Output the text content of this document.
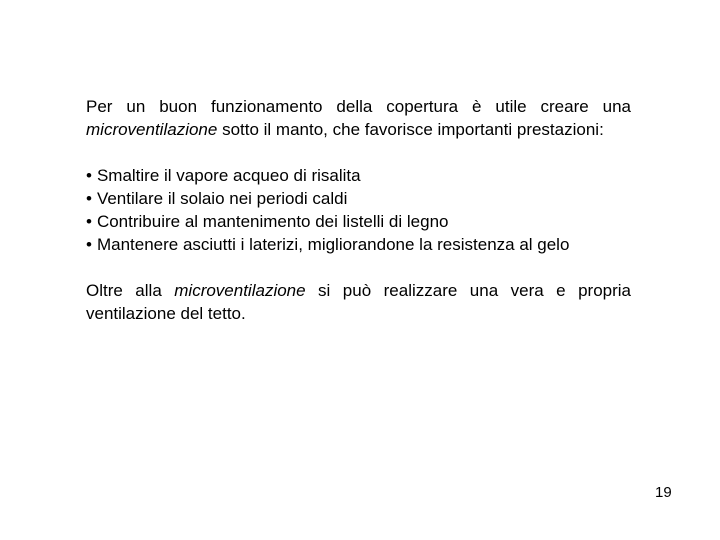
Per un buon funzionamento della copertura è utile creare una microventilazione sotto il manto, che favorisce importanti prestazioni:

• Smaltire il vapore acqueo di risalita
• Ventilare il solaio nei periodi caldi
• Contribuire al mantenimento dei listelli di legno
• Mantenere asciutti i laterizi, migliorandone la resistenza al gelo

Oltre alla microventilazione si può realizzare una vera e propria ventilazione del tetto.

19
